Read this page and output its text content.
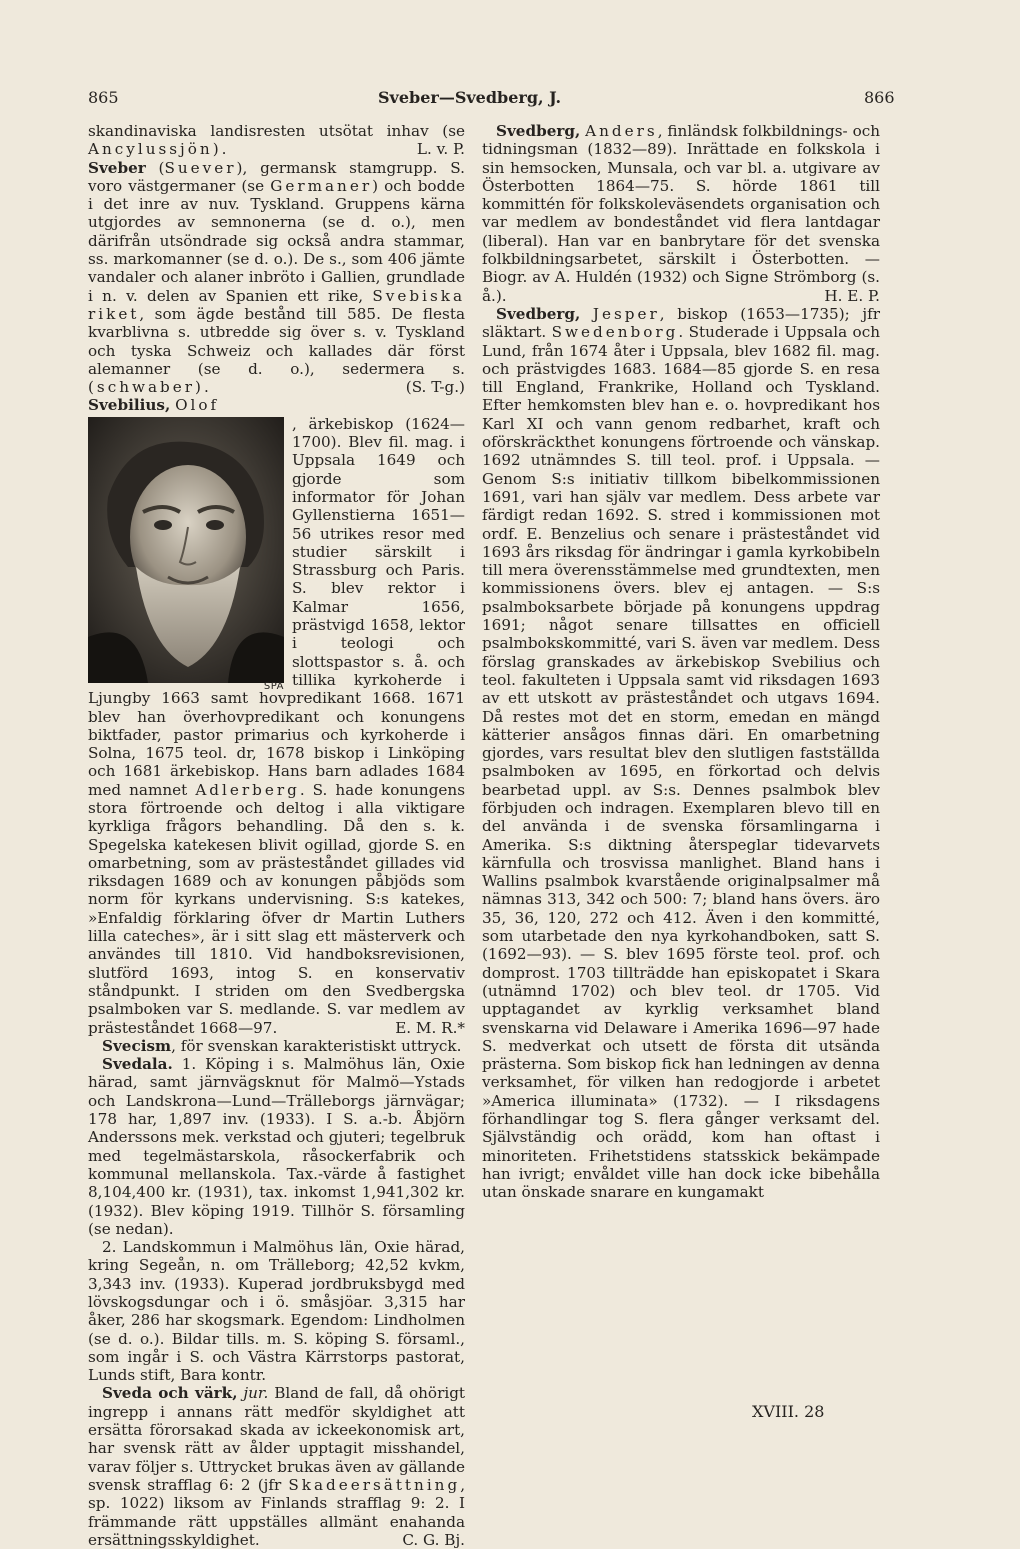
865	Sveber—Svedberg, J.	866

skandinaviska landisresten utsötat inhav (se Ancylussjön).	L. v. P.

Sveber (Suever), germansk stamgrupp. S. voro västgermaner (se Germaner) och bodde i det inre av nuv. Tyskland. Gruppens kärna utgjordes av semnonerna (se d. o.), men därifrån utsöndrade sig också andra stammar, ss. markomanner (se d. o.). De s., som 406 jämte vandaler och alaner inbröto i Gallien, grundlade i n. v. delen av Spanien ett rike, Svebiska riket, som ägde bestånd till 585. De flesta kvarblivna s. utbredde sig över s. v. Tyskland och tyska Schweiz och kallades där först alemanner (se d. o.), sedermera s. (schwaber).	(S. T-g.)

Svebilius, Olof

SPA

, ärkebiskop (1624—1700). Blev fil. mag. i Uppsala 1649 och gjorde som informator för Johan Gyllenstierna 1651—56 utrikes resor med studier särskilt i Strassburg och Paris. S. blev rektor i Kalmar 1656, prästvigd 1658, lektor i teologi och slottspastor s. å. och tillika kyrkoherde i Ljungby 1663 samt hovpredikant 1668. 1671 blev han överhovpredikant och konungens biktfader, pastor primarius och kyrkoherde i Solna, 1675 teol. dr, 1678 biskop i Linköping och 1681 ärkebiskop. Hans barn adlades 1684 med namnet Adlerberg. S. hade konungens stora förtroende och deltog i alla viktigare kyrkliga frågors behandling. Då den s. k. Spegelska katekesen blivit ogillad, gjorde S. en omarbetning, som av prästeståndet gillades vid riksdagen 1689 och av konungen påbjöds som norm för kyrkans undervisning. S:s katekes, »Enfaldig förklaring öfver dr Martin Luthers lilla cateches», är i sitt slag ett mästerverk och användes till 1810. Vid handboksrevisionen, slutförd 1693, intog S. en konservativ ståndpunkt. I striden om den Svedbergska psalmboken var S. medlande. S. var medlem av prästeståndet 1668—97.	E. M. R.*

Svecism, för svenskan karakteristiskt uttryck.

Svedala. 1. Köping i s. Malmöhus län, Oxie härad, samt järnvägsknut för Malmö—Ystads och Landskrona—Lund—Trälleborgs järnvägar; 178 har, 1,897 inv. (1933). I S. a.-b. Åbjörn Anderssons mek. verkstad och gjuteri; tegelbruk med tegelmästarskola, råsockerfabrik och kommunal mellanskola. Tax.-värde å fastighet 8,104,400 kr. (1931), tax. inkomst 1,941,302 kr. (1932). Blev köping 1919. Tillhör S. församling (se nedan).

2. Landskommun i Malmöhus län, Oxie härad, kring Segeån, n. om Trälleborg; 42,52 kvkm, 3,343 inv. (1933). Kuperad jordbruksbygd med lövskogsdungar och i ö. småsjöar. 3,315 har åker, 286 har skogsmark. Egendom: Lindholmen (se d. o.). Bildar tills. m. S. köping S. församl., som ingår i S. och Västra Kärrstorps pastorat, Lunds stift, Bara kontr.

Sveda och värk, jur. Bland de fall, då ohörigt ingrepp i annans rätt medför skyldighet att ersätta förorsakad skada av ickeekonomisk art, har svensk rätt av ålder upptagit misshandel, varav följer s. Uttrycket brukas även av gällande svensk strafflag 6: 2 (jfr Skadeersättning, sp. 1022) liksom av Finlands strafflag 9: 2. I främmande rätt uppställes allmänt enahanda ersättningsskyldighet.	C. G. Bj.

Svedberg, Anders, finländsk folkbildnings- och tidningsman (1832—89). Inrättade en folkskola i sin hemsocken, Munsala, och var bl. a. utgivare av Österbotten 1864—75. S. hörde 1861 till kommittén för folkskoleväsendets organisation och var medlem av bondeståndet vid flera lantdagar (liberal). Han var en banbrytare för det svenska folkbildningsarbetet, särskilt i Österbotten. — Biogr. av A. Huldén (1932) och Signe Strömborg (s. å.).	H. E. P.

Svedberg, Jesper, biskop (1653—1735); jfr släktart. Swedenborg. Studerade i Uppsala och Lund, från 1674 åter i Uppsala, blev 1682 fil. mag. och prästvigdes 1683. 1684—85 gjorde S. en resa till England, Frankrike, Holland och Tyskland. Efter hemkomsten blev han e. o. hovpredikant hos Karl XI och vann genom redbarhet, kraft och oförskräckthet konungens förtroende och vänskap. 1692 utnämndes S. till teol. prof. i Uppsala. — Genom S:s initiativ tillkom bibelkommissionen 1691, vari han själv var medlem. Dess arbete var färdigt redan 1692. S. stred i kommissionen mot ordf. E. Benzelius och senare i prästeståndet vid 1693 års riksdag för ändringar i gamla kyrkobibeln till mera överensstämmelse med grundtexten, men kommissionens övers. blev ej antagen. — S:s psalmboksarbete började på konungens uppdrag 1691; något senare tillsattes en officiell psalmbokskommitté, vari S. även var medlem. Dess förslag granskades av ärkebiskop Svebilius och teol. fakulteten i Uppsala samt vid riksdagen 1693 av ett utskott av prästeståndet och utgavs 1694. Då restes mot det en storm, emedan en mängd kätterier ansågos finnas däri. En omarbetning gjordes, vars resultat blev den slutligen fastställda psalmboken av 1695, en förkortad och delvis bearbetad uppl. av S:s. Dennes psalmbok blev förbjuden och indragen. Exemplaren blevo till en del använda i de svenska församlingarna i Amerika. S:s diktning återspeglar tidevarvets kärnfulla och trosvissa manlighet. Bland hans i Wallins psalmbok kvarstående originalpsalmer må nämnas 313, 342 och 500: 7; bland hans övers. äro 35, 36, 120, 272 och 412. Även i den kommitté, som utarbetade den nya kyrkohandboken, satt S. (1692—93). — S. blev 1695 förste teol. prof. och domprost. 1703 tillträdde han episkopatet i Skara (utnämnd 1702) och blev teol. dr 1705. Vid upptagandet av kyrklig verksamhet bland svenskarna vid Delaware i Amerika 1696—97 hade S. medverkat och utsett de första dit utsända prästerna. Som biskop fick han ledningen av denna verksamhet, för vilken han redogjorde i arbetet »America illuminata» (1732). — I riksdagens förhandlingar tog S. flera gånger verksamt del. Självständig och orädd, kom han oftast i minoriteten. Frihetstidens statsskick bekämpade han ivrigt; envåldet ville han dock icke bibehålla utan önskade snarare en kungamakt

XVIII. 28
